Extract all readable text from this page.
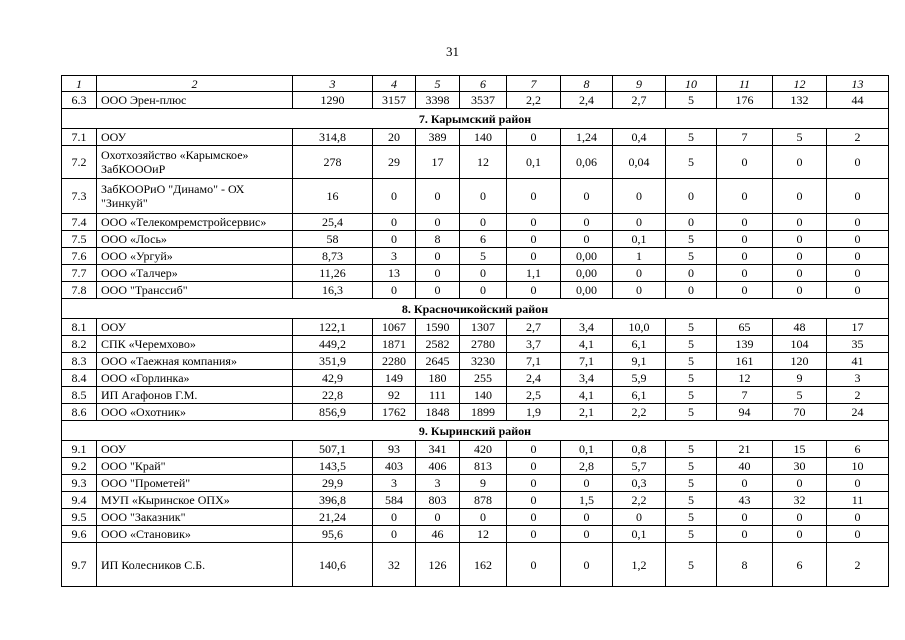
31
1	2	3	4	5	6	7	8	9	10	11	12	13
6.3	ООО Эрен-плюс	1290	3157	3398	3537	2,2	2,4	2,7	5	176	132	44
7. Карымский район												
7.1	ООУ	314,8	20	389	140	0	1,24	0,4	5	7	5	2
7.2	Охотхозяйство «Карымское» ЗабКОООиР	278	29	17	12	0,1	0,06	0,04	5	0	0	0
7.3	ЗабКООРиО "Динамо" - ОХ "Зинкуй"	16	0	0	0	0	0	0	0	0	0	0
7.4	ООО «Телекомремстройсервис»	25,4	0	0	0	0	0	0	0	0	0	0
7.5	ООО «Лось»	58	0	8	6	0	0	0,1	5	0	0	0
7.6	ООО «Ургуй»	8,73	3	0	5	0	0,00	1	5	0	0	0
7.7	ООО «Талчер»	11,26	13	0	0	1,1	0,00	0	0	0	0	0
7.8	ООО "Транссиб"	16,3	0	0	0	0	0,00	0	0	0	0	0
8. Красночикойский район												
8.1	ООУ	122,1	1067	1590	1307	2,7	3,4	10,0	5	65	48	17
8.2	СПК «Черемхово»	449,2	1871	2582	2780	3,7	4,1	6,1	5	139	104	35
8.3	ООО «Таежная компания»	351,9	2280	2645	3230	7,1	7,1	9,1	5	161	120	41
8.4	ООО «Горлинка»	42,9	149	180	255	2,4	3,4	5,9	5	12	9	3
8.5	ИП Агафонов Г.М.	22,8	92	111	140	2,5	4,1	6,1	5	7	5	2
8.6	ООО «Охотник»	856,9	1762	1848	1899	1,9	2,1	2,2	5	94	70	24
9. Кыринский район												
9.1	ООУ	507,1	93	341	420	0	0,1	0,8	5	21	15	6
9.2	ООО "Край"	143,5	403	406	813	0	2,8	5,7	5	40	30	10
9.3	ООО "Прометей"	29,9	3	3	9	0	0	0,3	5	0	0	0
9.4	МУП «Кыринское ОПХ»	396,8	584	803	878	0	1,5	2,2	5	43	32	11
9.5	ООО "Заказник"	21,24	0	0	0	0	0	0	5	0	0	0
9.6	ООО «Становик»	95,6	0	46	12	0	0	0,1	5	0	0	0
9.7	ИП Колесников С.Б.	140,6	32	126	162	0	0	1,2	5	8	6	2
